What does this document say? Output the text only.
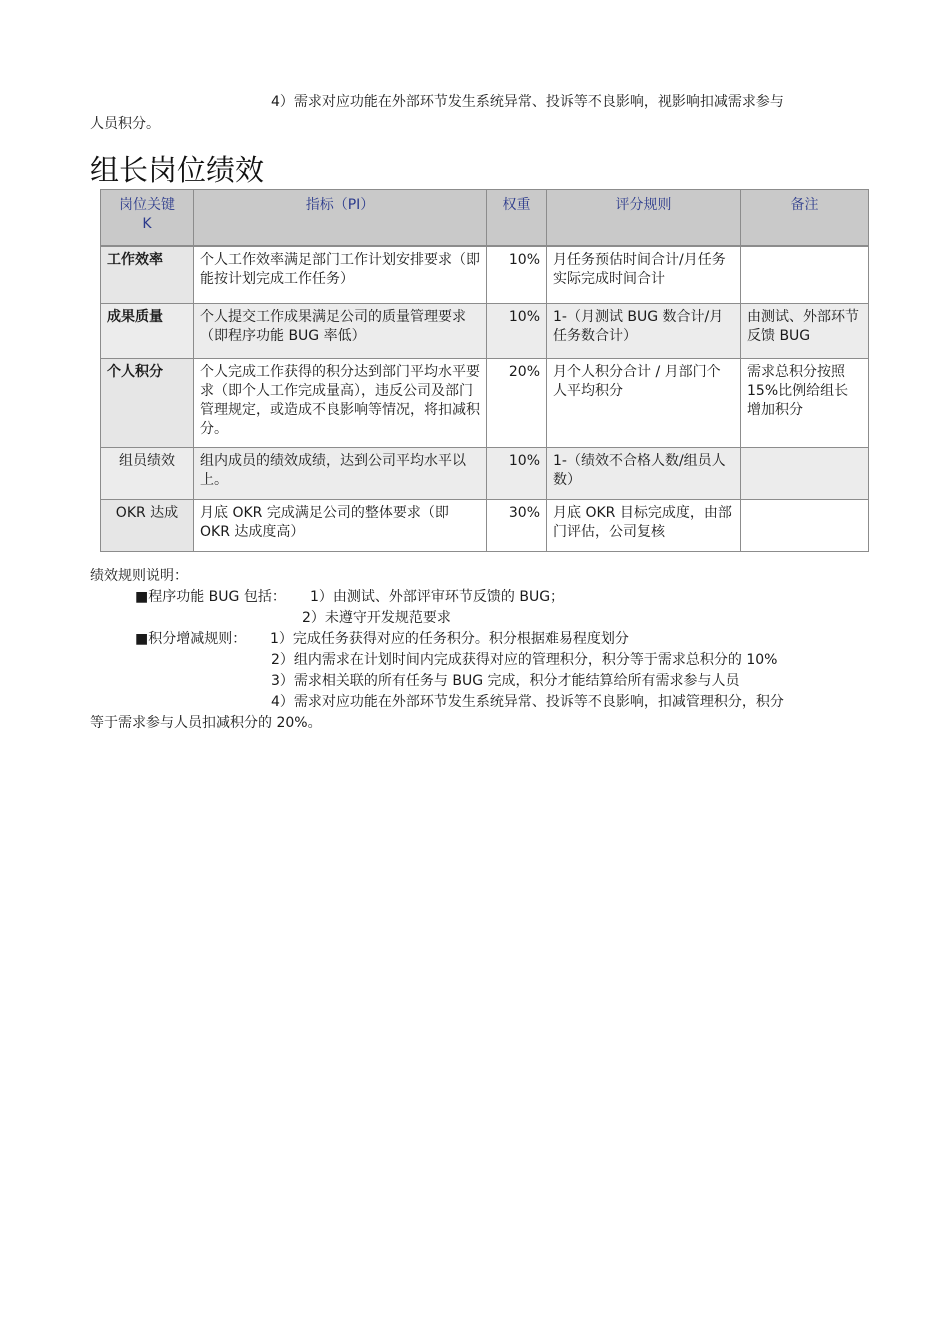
4）需求对应功能在外部环节发生系统异常、投诉等不良影响，视影响扣减需求参与
人员积分。
组长岗位绩效
岗位关键
K	指标（PI）	权重	评分规则	备注
工作效率	个人工作效率满足部门工作计划安排要求（即能按计划完成工作任务）	10%	月任务预估时间合计/月任务实际完成时间合计	
成果质量	个人提交工作成果满足公司的质量管理要求（即程序功能 BUG 率低）	10%	1-（月测试 BUG 数合计/月任务数合计）	由测试、外部环节反馈 BUG
个人积分	个人完成工作获得的积分达到部门平均水平要求（即个人工作完成量高），违反公司及部门管理规定，或造成不良影响等情况，将扣减积分。	20%	月个人积分合计 / 月部门个人平均积分	需求总积分按照15%比例给组长增加积分
组员绩效	组内成员的绩效成绩，达到公司平均水平以上。	10%	1-（绩效不合格人数/组员人数）	
OKR 达成	月底 OKR 完成满足公司的整体要求（即 OKR 达成度高）	30%	月底 OKR 目标完成度，由部门评估，公司复核	
绩效规则说明：
■程序功能 BUG 包括： 1）由测试、外部评审环节反馈的 BUG；
2）未遵守开发规范要求
■积分增减规则： 1）完成任务获得对应的任务积分。积分根据难易程度划分
2）组内需求在计划时间内完成获得对应的管理积分，积分等于需求总积分的 10%
3）需求相关联的所有任务与 BUG 完成，积分才能结算给所有需求参与人员
4）需求对应功能在外部环节发生系统异常、投诉等不良影响，扣减管理积分，积分
等于需求参与人员扣减积分的 20%。
